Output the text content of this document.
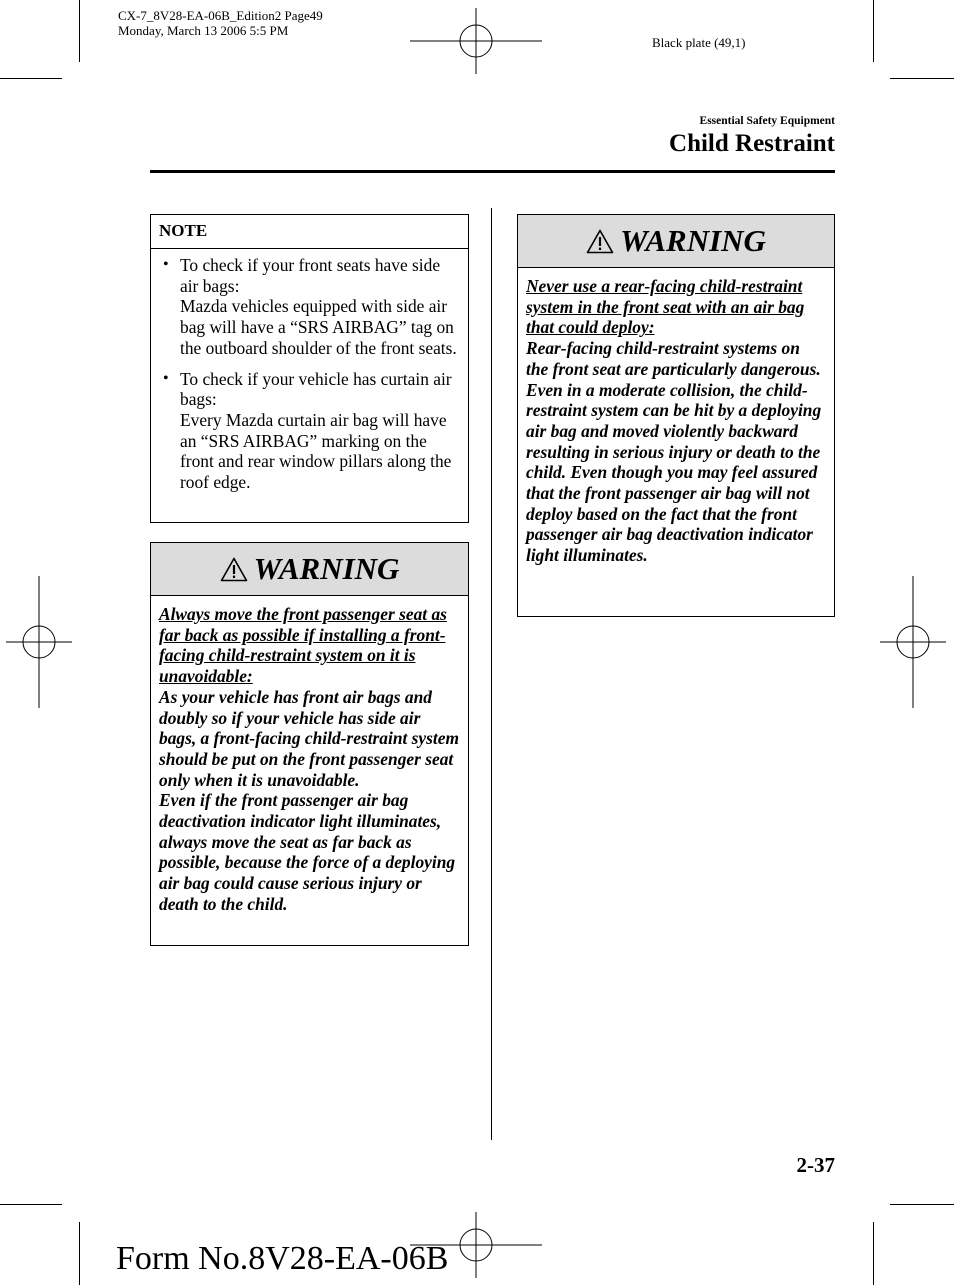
CX-7_8V28-EA-06B_Edition2 Page49
Monday, March 13 2006 5:5 PM
Black plate (49,1)
Essential Safety Equipment
Child Restraint
NOTE
• To check if your front seats have side air bags:
Mazda vehicles equipped with side air bag will have a “SRS AIRBAG” tag on the outboard shoulder of the front seats.
• To check if your vehicle has curtain air bags:
Every Mazda curtain air bag will have an “SRS AIRBAG” marking on the front and rear window pillars along the roof edge.
WARNING
Always move the front passenger seat as far back as possible if installing a front-facing child-restraint system on it is unavoidable:
As your vehicle has front air bags and doubly so if your vehicle has side air bags, a front-facing child-restraint system should be put on the front passenger seat only when it is unavoidable.
Even if the front passenger air bag deactivation indicator light illuminates, always move the seat as far back as possible, because the force of a deploying air bag could cause serious injury or death to the child.
WARNING
Never use a rear-facing child-restraint system in the front seat with an air bag that could deploy:
Rear-facing child-restraint systems on the front seat are particularly dangerous.
Even in a moderate collision, the child-restraint system can be hit by a deploying air bag and moved violently backward resulting in serious injury or death to the child. Even though you may feel assured that the front passenger air bag will not deploy based on the fact that the front passenger air bag deactivation indicator light illuminates.
2-37
Form No.8V28-EA-06B
